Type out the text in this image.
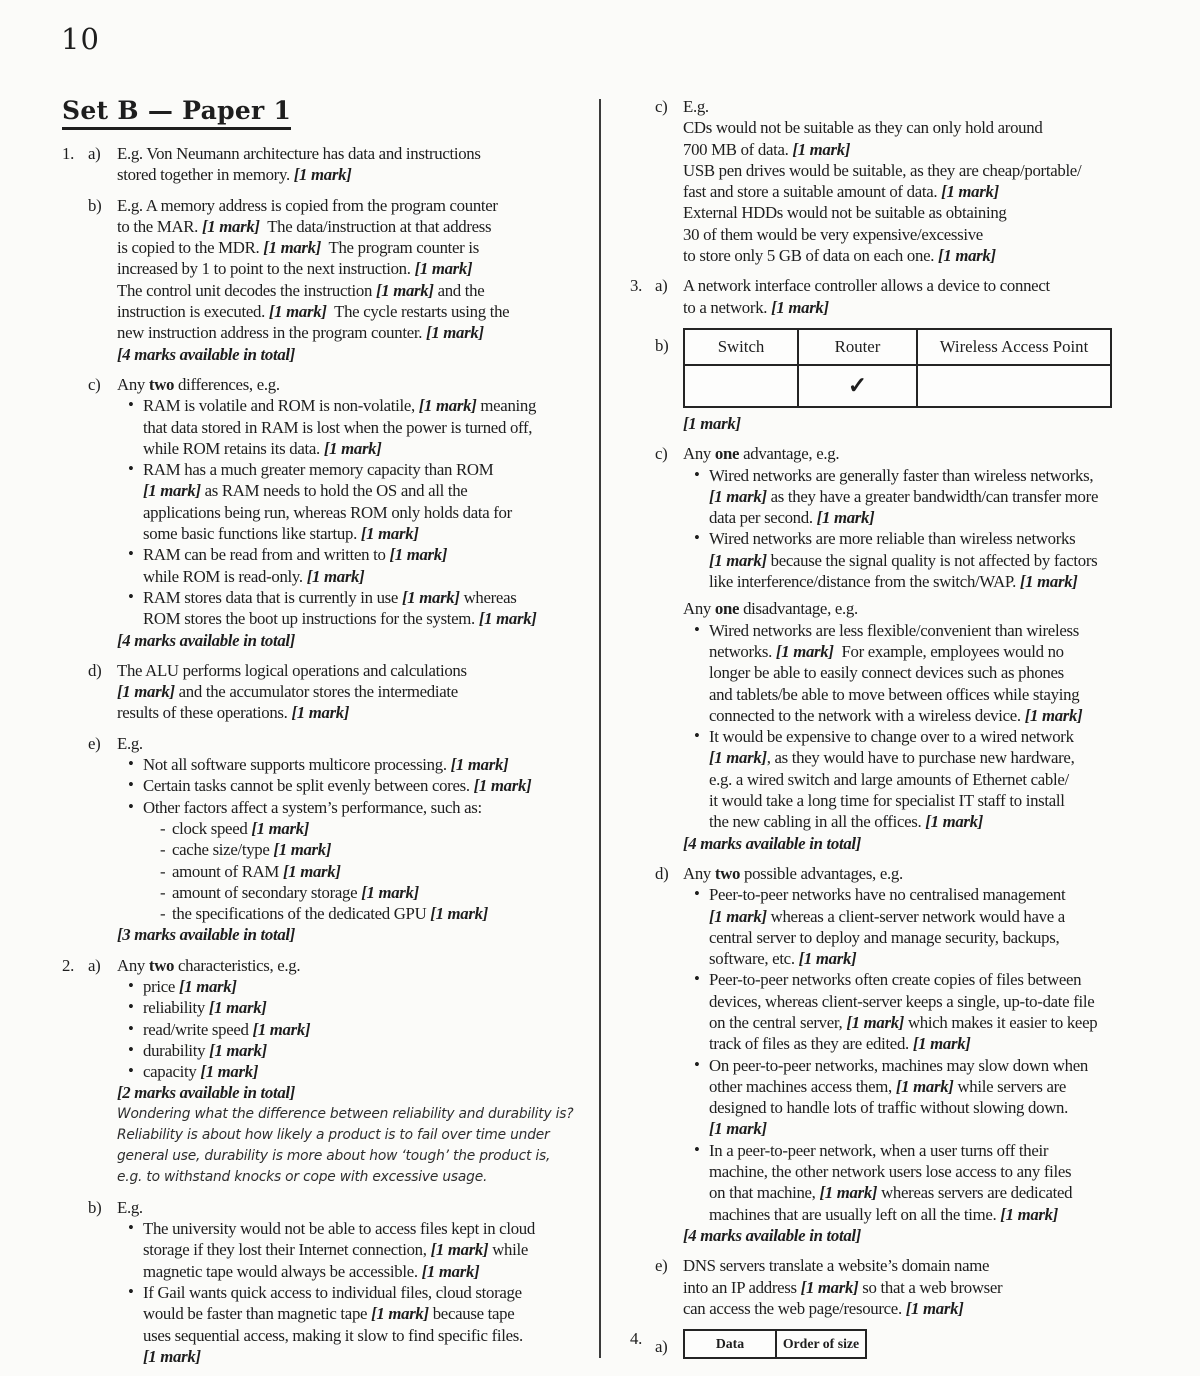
10
Set B — Paper 1
1. a) E.g. Von Neumann architecture has data and instructions
stored together in memory. [1 mark]
b) E.g. A memory address is copied from the program counter
to the MAR. [1 mark]  The data/instruction at that address
is copied to the MDR. [1 mark]  The program counter is
increased by 1 to point to the next instruction. [1 mark]
The control unit decodes the instruction [1 mark] and the
instruction is executed. [1 mark]  The cycle restarts using the
new instruction address in the program counter. [1 mark]
[4 marks available in total]
c) Any two differences, e.g.
• RAM is volatile and ROM is non-volatile, [1 mark] meaning
that data stored in RAM is lost when the power is turned off,
while ROM retains its data. [1 mark]
• RAM has a much greater memory capacity than ROM
[1 mark] as RAM needs to hold the OS and all the
applications being run, whereas ROM only holds data for
some basic functions like startup. [1 mark]
• RAM can be read from and written to [1 mark]
while ROM is read-only. [1 mark]
• RAM stores data that is currently in use [1 mark] whereas
ROM stores the boot up instructions for the system. [1 mark]
[4 marks available in total]
d) The ALU performs logical operations and calculations
[1 mark] and the accumulator stores the intermediate
results of these operations. [1 mark]
e) E.g.
• Not all software supports multicore processing. [1 mark]
• Certain tasks cannot be split evenly between cores. [1 mark]
• Other factors affect a system’s performance, such as:
- clock speed [1 mark]
- cache size/type [1 mark]
- amount of RAM [1 mark]
- amount of secondary storage [1 mark]
- the specifications of the dedicated GPU [1 mark]
[3 marks available in total]
2. a) Any two characteristics, e.g.
• price [1 mark]
• reliability [1 mark]
• read/write speed [1 mark]
• durability [1 mark]
• capacity [1 mark]
[2 marks available in total]
Wondering what the difference between reliability and durability is?
Reliability is about how likely a product is to fail over time under
general use, durability is more about how ‘tough’ the product is,
e.g. to withstand knocks or cope with excessive usage.
b) E.g.
• The university would not be able to access files kept in cloud
storage if they lost their Internet connection, [1 mark] while
magnetic tape would always be accessible. [1 mark]
• If Gail wants quick access to individual files, cloud storage
would be faster than magnetic tape [1 mark] because tape
uses sequential access, making it slow to find specific files.
[1 mark]
c) E.g.
CDs would not be suitable as they can only hold around
700 MB of data. [1 mark]
USB pen drives would be suitable, as they are cheap/portable/
fast and store a suitable amount of data. [1 mark]
External HDDs would not be suitable as obtaining
30 of them would be very expensive/excessive
to store only 5 GB of data on each one. [1 mark]
3. a) A network interface controller allows a device to connect
to a network. [1 mark]
b)	Switch	Router	Wireless Access Point
	✓	
[1 mark]
c) Any one advantage, e.g.
• Wired networks are generally faster than wireless networks,
[1 mark] as they have a greater bandwidth/can transfer more
data per second. [1 mark]
• Wired networks are more reliable than wireless networks
[1 mark] because the signal quality is not affected by factors
like interference/distance from the switch/WAP. [1 mark]
Any one disadvantage, e.g.
• Wired networks are less flexible/convenient than wireless
networks. [1 mark]  For example, employees would no
longer be able to easily connect devices such as phones
and tablets/be able to move between offices while staying
connected to the network with a wireless device. [1 mark]
• It would be expensive to change over to a wired network
[1 mark], as they would have to purchase new hardware,
e.g. a wired switch and large amounts of Ethernet cable/
it would take a long time for specialist IT staff to install
the new cabling in all the offices. [1 mark]
[4 marks available in total]
d) Any two possible advantages, e.g.
• Peer-to-peer networks have no centralised management
[1 mark] whereas a client-server network would have a
central server to deploy and manage security, backups,
software, etc. [1 mark]
• Peer-to-peer networks often create copies of files between
devices, whereas client-server keeps a single, up-to-date file
on the central server, [1 mark] which makes it easier to keep
track of files as they are edited. [1 mark]
• On peer-to-peer networks, machines may slow down when
other machines access them, [1 mark] while servers are
designed to handle lots of traffic without slowing down.
[1 mark]
• In a peer-to-peer network, when a user turns off their
machine, the other network users lose access to any files
on that machine, [1 mark] whereas servers are dedicated
machines that are usually left on all the time. [1 mark]
[4 marks available in total]
e) DNS servers translate a website’s domain name
into an IP address [1 mark] so that a web browser
can access the web page/resource. [1 mark]
4. a)	Data	Order of size
